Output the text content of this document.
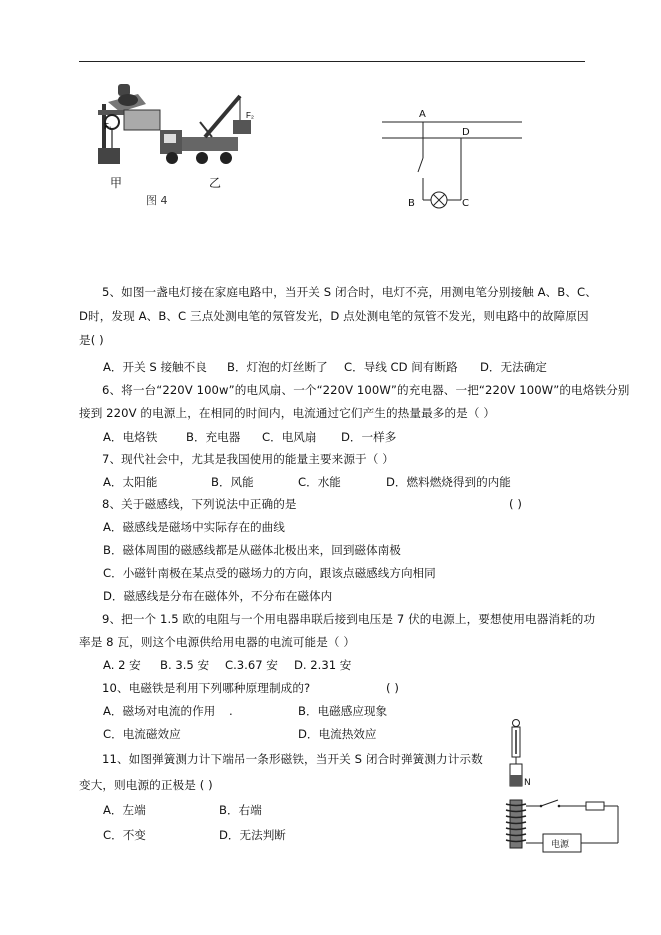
F₁
F₂
甲	乙
图 4
A
D
B	C
5、如图一盏电灯接在家庭电路中，当开关 S 闭合时，电灯不亮，用测电笔分别接触 A、B、C、
D时，发现 A、B、C 三点处测电笔的氖管发光，D 点处测电笔的氖管不发光，则电路中的故障原因
是( )
A．开关 S 接触不良 B．灯泡的灯丝断了 C．导线 CD 间有断路 D．无法确定
6、将一台“220V 100w”的电风扇、一个“220V 100W”的充电器、一把“220V 100W”的电烙铁分别
接到 220V 的电源上，在相同的时间内，电流通过它们产生的热量最多的是（ ）
A．电烙铁 B．充电器 C．电风扇 D．一样多
7、现代社会中，尤其是我国使用的能量主要来源于（ ）
A．太阳能	B．风能	C．水能	D．燃料燃烧得到的内能
8、关于磁感线，下列说法中正确的是	( )
A．磁感线是磁场中实际存在的曲线
B．磁体周围的磁感线都是从磁体北极出来，回到磁体南极
C．小磁针南极在某点受的磁场力的方向，跟该点磁感线方向相同
D．磁感线是分布在磁体外，不分布在磁体内
9、把一个 1.5 欧的电阻与一个用电器串联后接到电压是 7 伏的电源上，要想使用电器消耗的功
率是 8 瓦，则这个电源供给用电器的电流可能是（ ）
A. 2 安 B. 3.5 安 C.3.67 安 D. 2.31 安
10、电磁铁是利用下列哪种原理制成的?	( )
A．磁场对电流的作用 .	B．电磁感应现象
C．电流磁效应	D．电流热效应
11、如图弹簧测力计下端吊一条形磁铁，当开关 S 闭合时弹簧测力计示数
变大，则电源的正极是 ( )
A．左端	B．右端
C．不变	D．无法判断
N
电源
